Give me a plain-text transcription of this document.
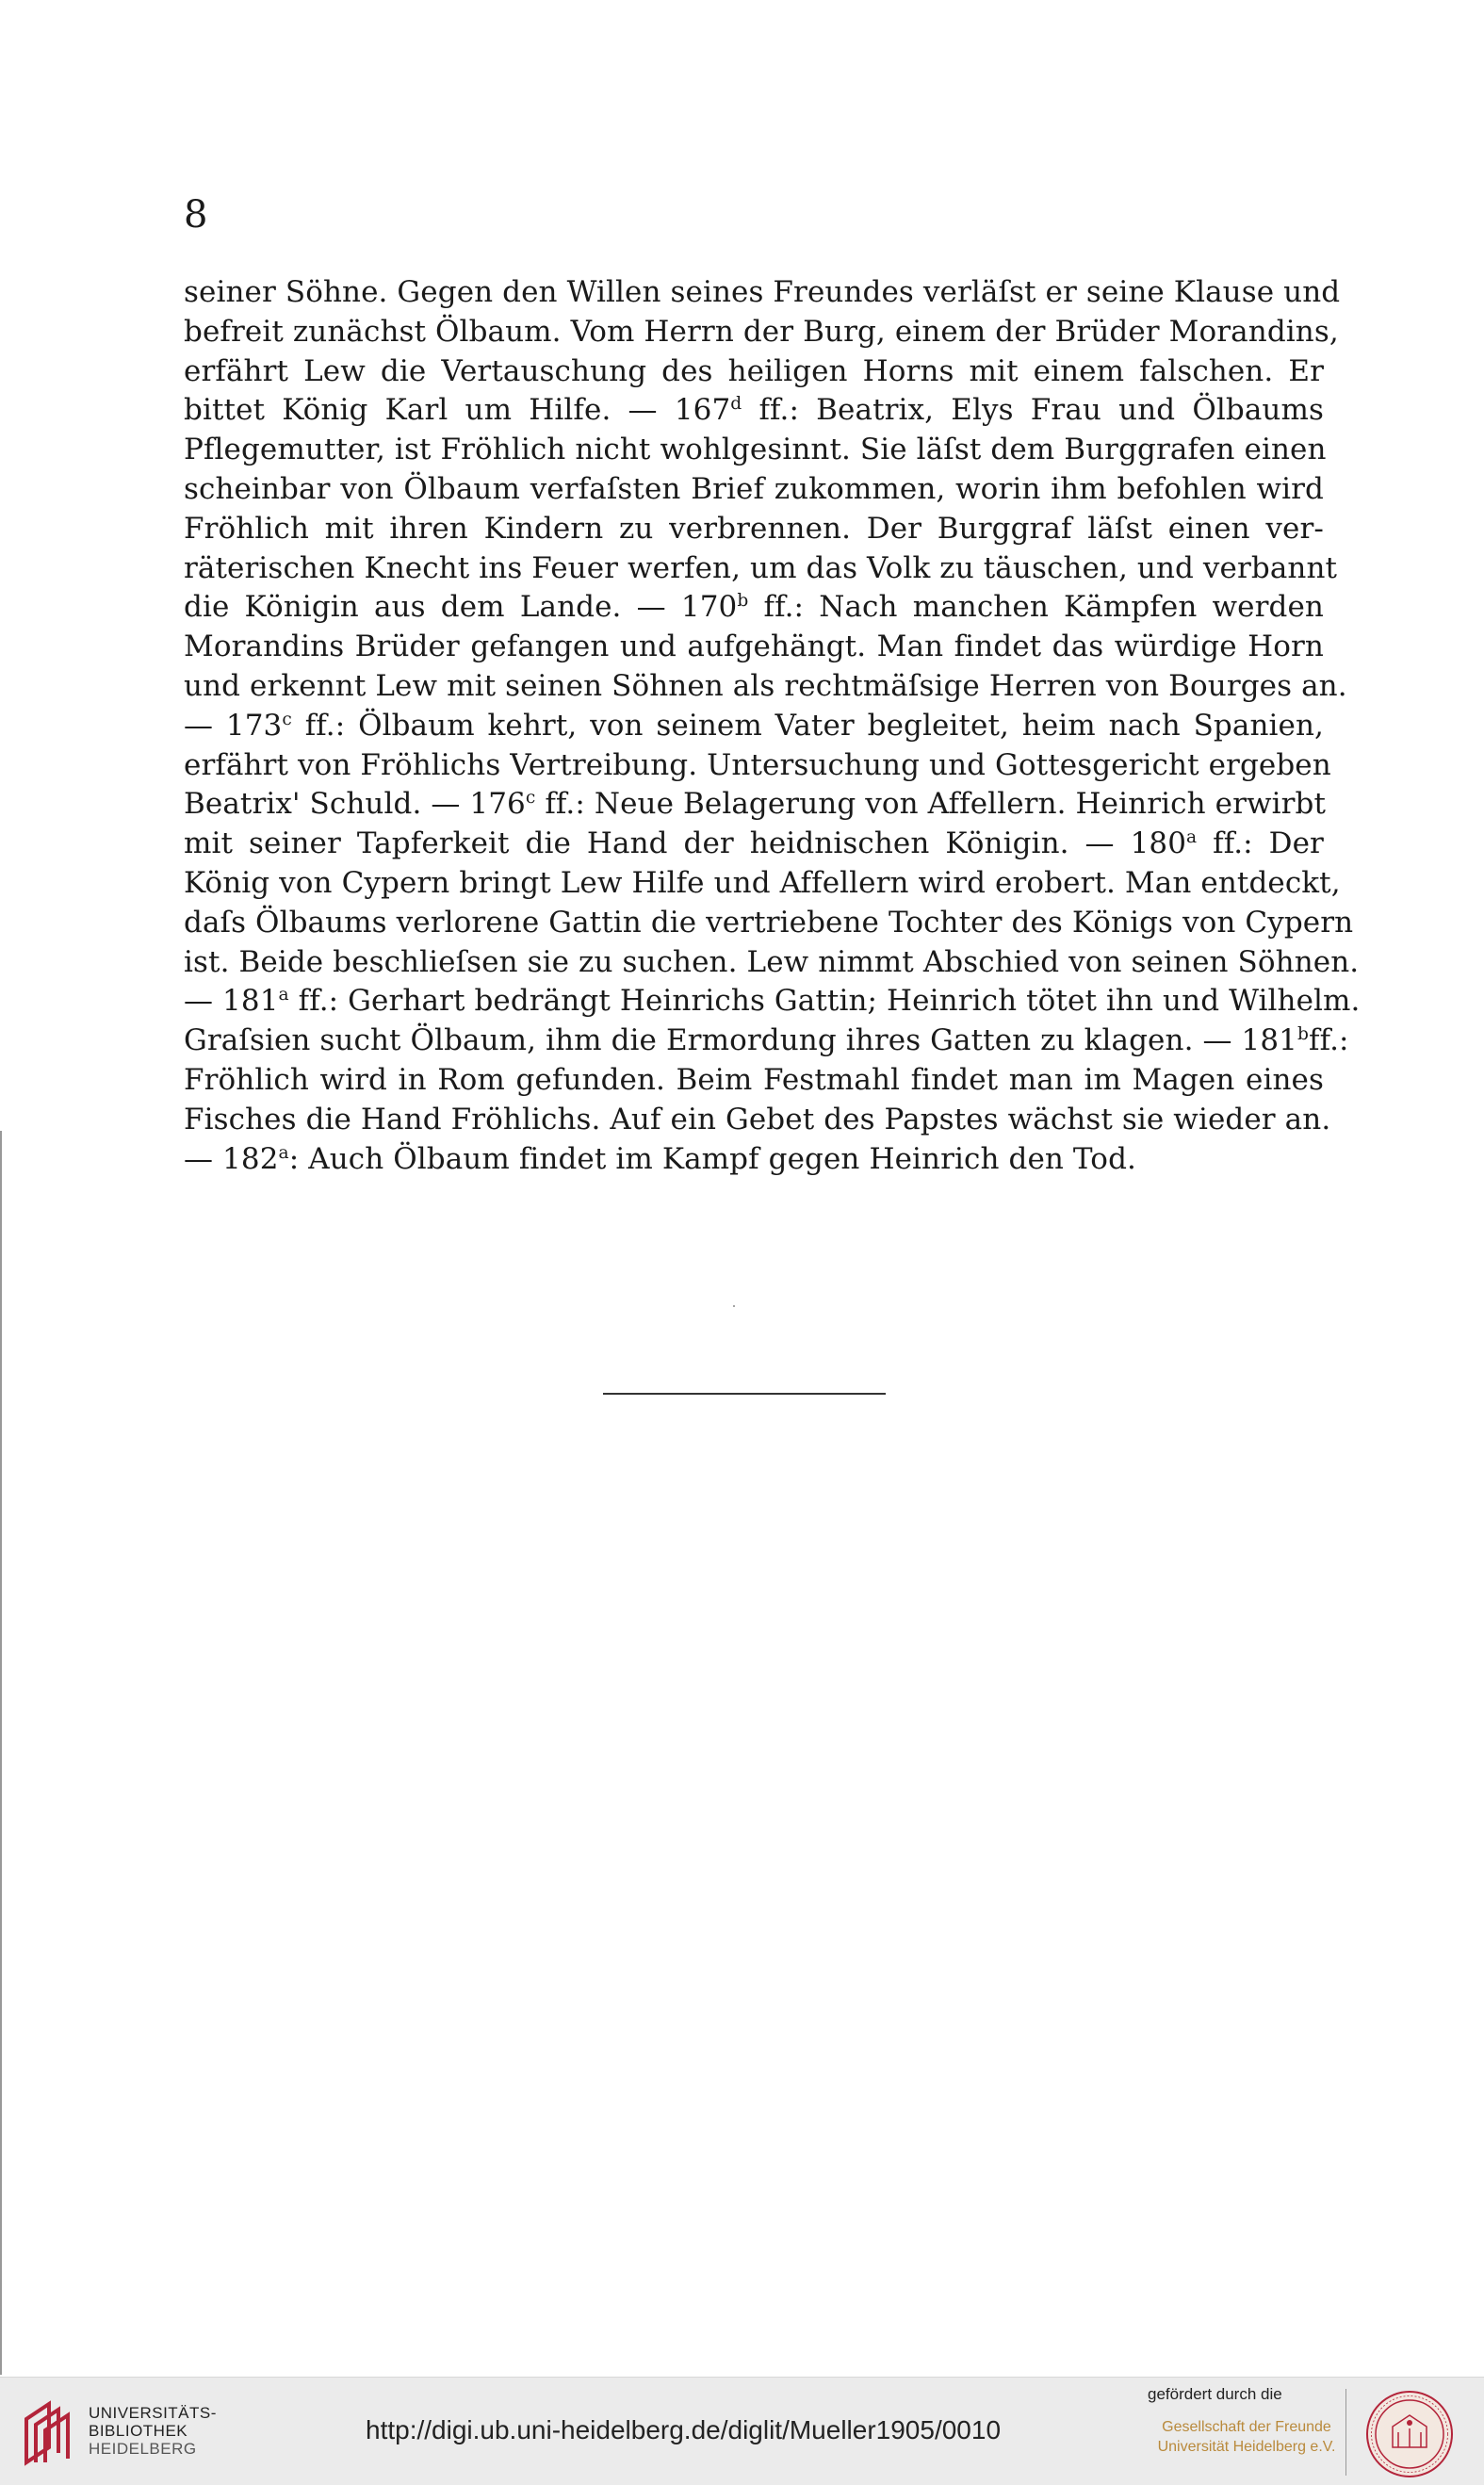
8
seiner Söhne. Gegen den Willen seines Freundes verläſst er seine Klause und
befreit zunächst Ölbaum. Vom Herrn der Burg, einem der Brüder Morandins,
erfährt Lew die Vertauschung des heiligen Horns mit einem falschen. Er
bittet König Karl um Hilfe. — 167$^d$ ff.: Beatrix, Elys Frau und Ölbaums
Pflegemutter, ist Fröhlich nicht wohlgesinnt. Sie läſst dem Burggrafen einen
scheinbar von Ölbaum verfaſsten Brief zukommen, worin ihm befohlen wird
Fröhlich mit ihren Kindern zu verbrennen. Der Burggraf läſst einen ver-
räterischen Knecht ins Feuer werfen, um das Volk zu täuschen, und verbannt
die Königin aus dem Lande. — 170$^b$ ff.: Nach manchen Kämpfen werden
Morandins Brüder gefangen und aufgehängt. Man findet das würdige Horn
und erkennt Lew mit seinen Söhnen als rechtmäſsige Herren von Bourges an.
— 173$^c$ ff.: Ölbaum kehrt, von seinem Vater begleitet, heim nach Spanien,
erfährt von Fröhlichs Vertreibung. Untersuchung und Gottesgericht ergeben
Beatrix' Schuld. — 176$^c$ ff.: Neue Belagerung von Affellern. Heinrich erwirbt
mit seiner Tapferkeit die Hand der heidnischen Königin. — 180$^a$ ff.: Der
König von Cypern bringt Lew Hilfe und Affellern wird erobert. Man entdeckt,
daſs Ölbaums verlorene Gattin die vertriebene Tochter des Königs von Cypern
ist. Beide beschlieſsen sie zu suchen. Lew nimmt Abschied von seinen Söhnen.
— 181$^a$ ff.: Gerhart bedrängt Heinrichs Gattin; Heinrich tötet ihn und Wilhelm.
Graſsien sucht Ölbaum, ihm die Ermordung ihres Gatten zu klagen. — 181$^b$ff.:
Fröhlich wird in Rom gefunden. Beim Festmahl findet man im Magen eines
Fisches die Hand Fröhlichs. Auf ein Gebet des Papstes wächst sie wieder an.
— 182$^a$: Auch Ölbaum findet im Kampf gegen Heinrich den Tod.
UNIVERSITÄTS-
BIBLIOTHEK
HEIDELBERG
http://digi.ub.uni-heidelberg.de/diglit/Mueller1905/0010
gefördert durch die
Gesellschaft der Freunde
Universität Heidelberg e.V.
